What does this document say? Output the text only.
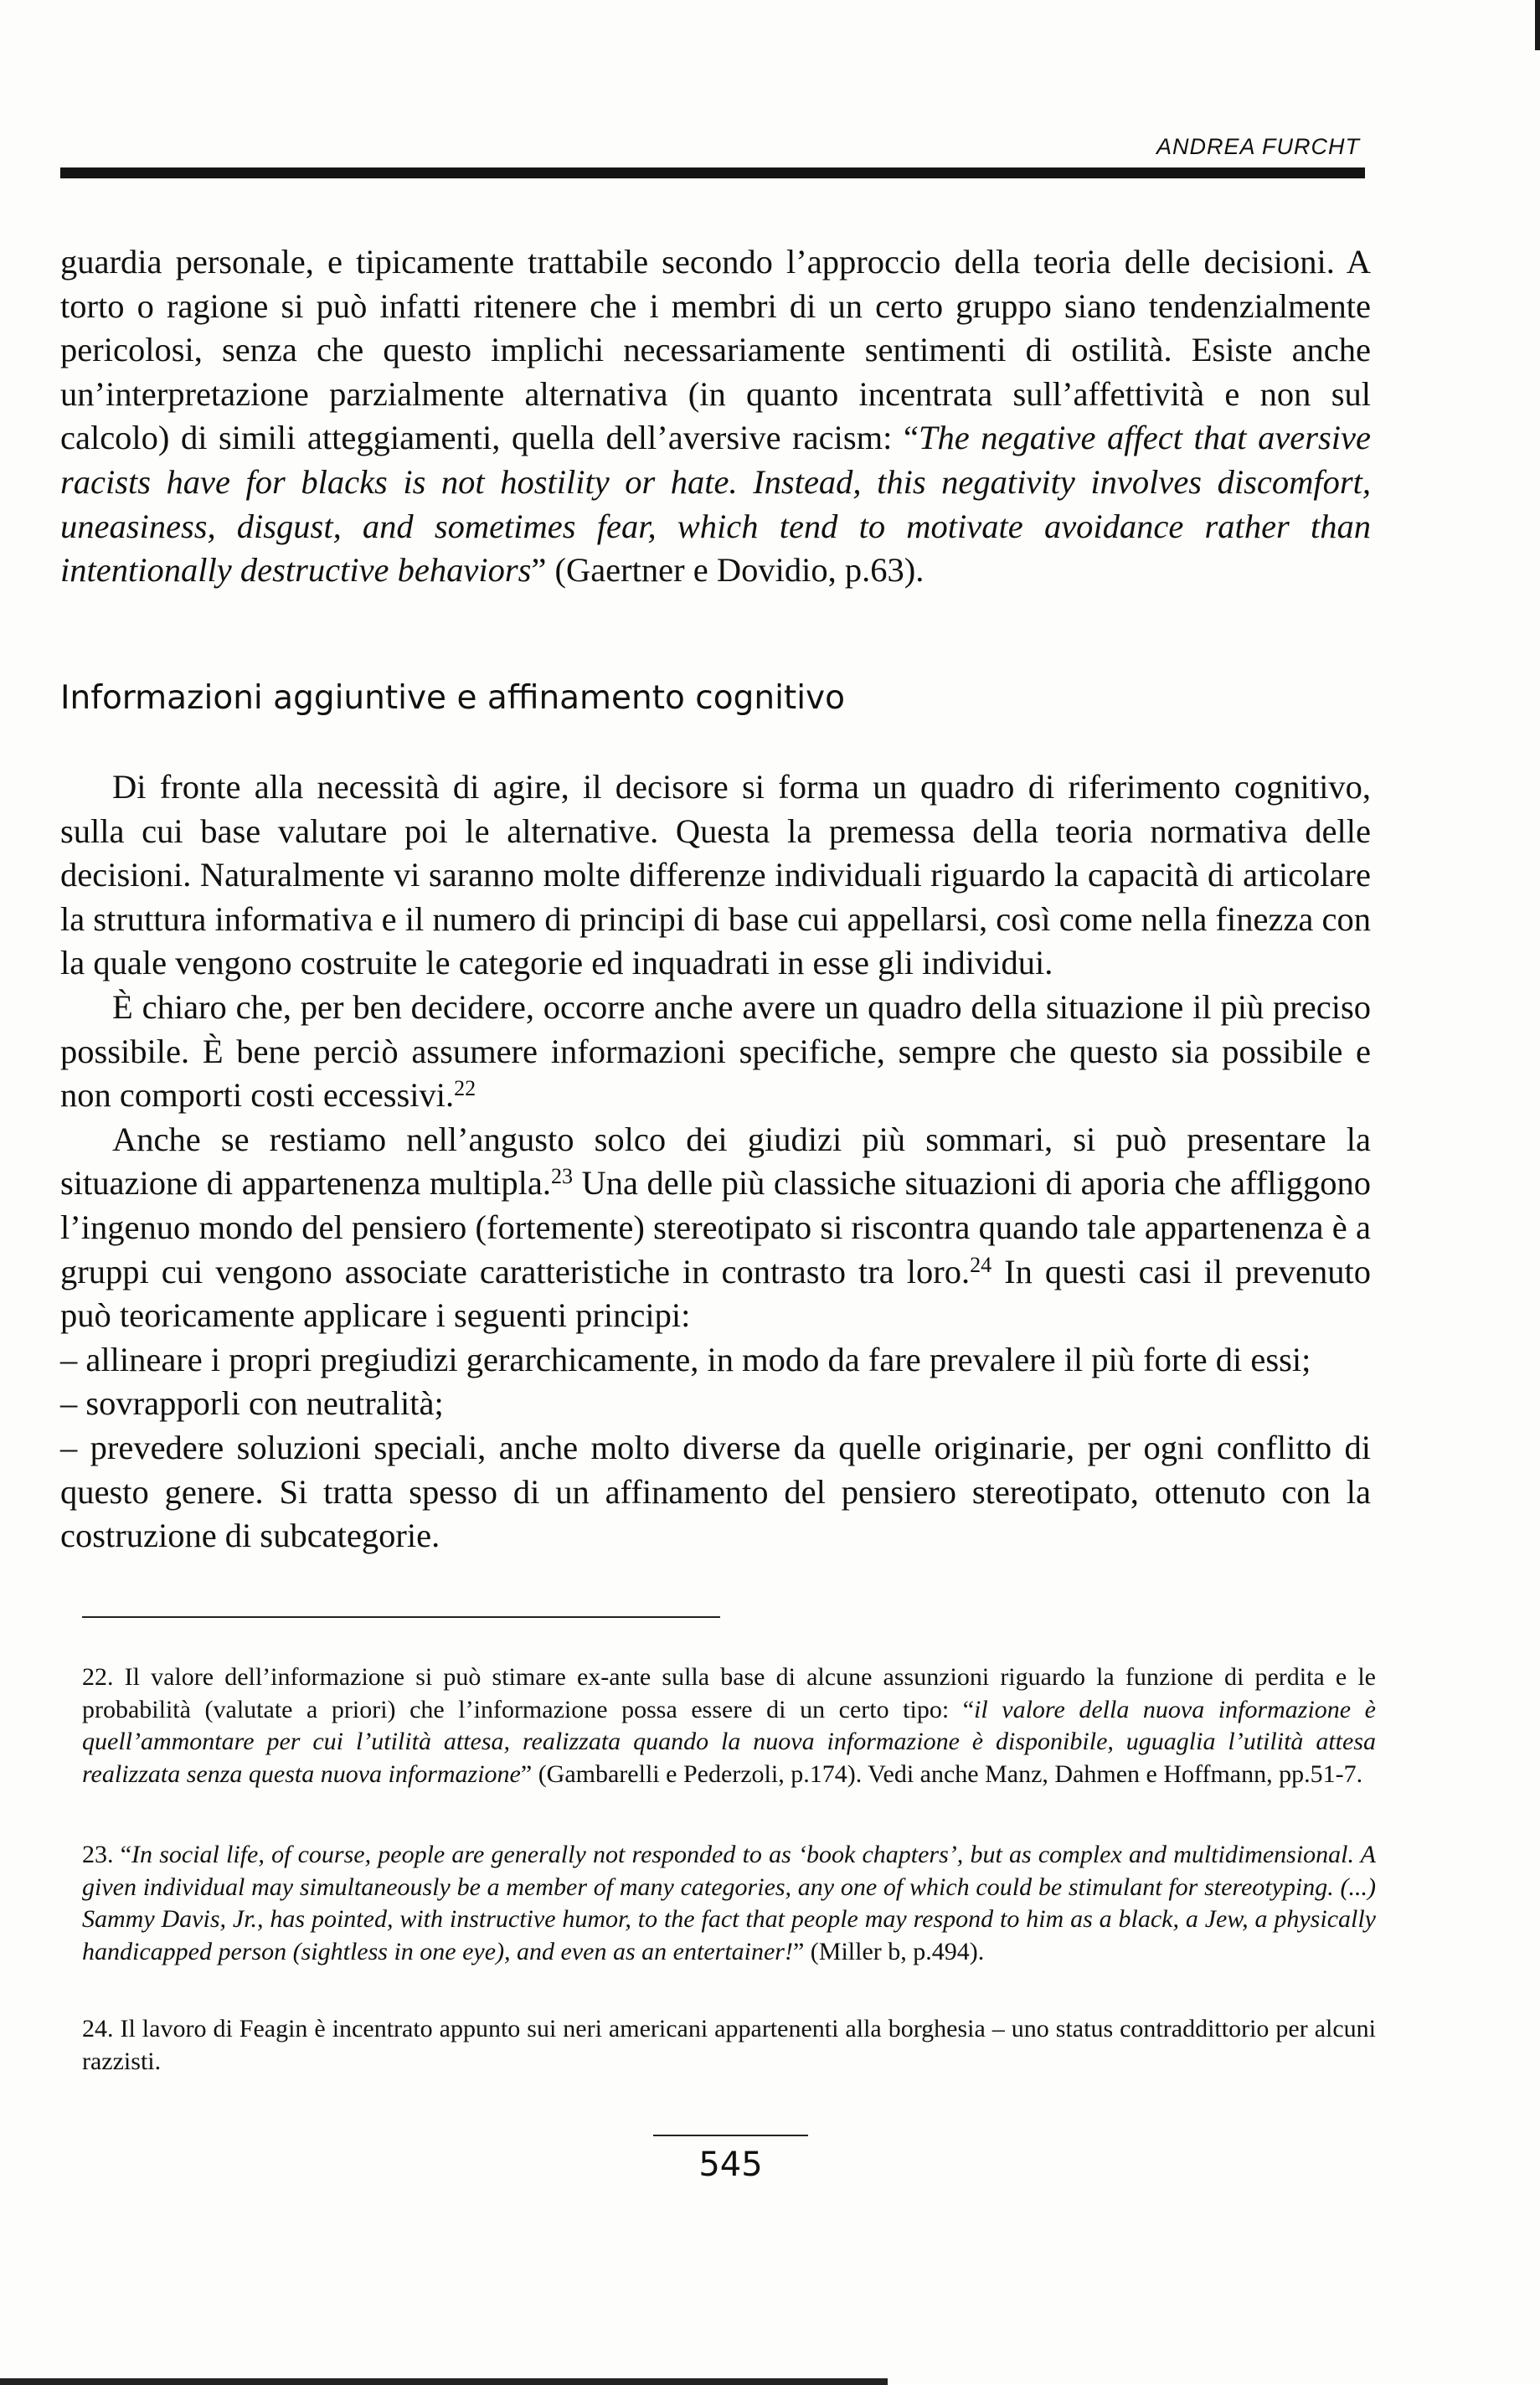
ANDREA FURCHT

guardia personale, e tipicamente trattabile secondo l’approccio della teoria delle decisioni. A torto o ragione si può infatti ritenere che i membri di un certo gruppo siano tendenzialmente pericolosi, senza che questo implichi necessariamente sentimenti di ostilità. Esiste anche un’interpretazione parzialmente alternativa (in quanto incentrata sull’affettività e non sul calcolo) di simili atteggiamenti, quella dell’aversive racism: “The negative affect that aversive racists have for blacks is not hostility or hate. Instead, this negativity involves discomfort, uneasiness, disgust, and sometimes fear, which tend to motivate avoidance rather than intentionally destructive behaviors” (Gaertner e Dovidio, p.63).

Informazioni aggiuntive e affinamento cognitivo

Di fronte alla necessità di agire, il decisore si forma un quadro di riferimento cognitivo, sulla cui base valutare poi le alternative. Questa la premessa della teoria normativa delle decisioni. Naturalmente vi saranno molte differenze individuali riguardo la capacità di articolare la struttura informativa e il numero di principi di base cui appellarsi, così come nella finezza con la quale vengono costruite le categorie ed inquadrati in esse gli individui.

È chiaro che, per ben decidere, occorre anche avere un quadro della situazione il più preciso possibile. È bene perciò assumere informazioni specifiche, sempre che questo sia possibile e non comporti costi eccessivi.$^{22}$

Anche se restiamo nell’angusto solco dei giudizi più sommari, si può presentare la situazione di appartenenza multipla.$^{23}$ Una delle più classiche situazioni di aporia che affliggono l’ingenuo mondo del pensiero (fortemente) stereotipato si riscontra quando tale appartenenza è a gruppi cui vengono associate caratteristiche in contrasto tra loro.$^{24}$ In questi casi il prevenuto può teoricamente applicare i seguenti principi:

– allineare i propri pregiudizi gerarchicamente, in modo da fare prevalere il più forte di essi;

– sovrapporli con neutralità;

– prevedere soluzioni speciali, anche molto diverse da quelle originarie, per ogni conflitto di questo genere. Si tratta spesso di un affinamento del pensiero stereotipato, ottenuto con la costruzione di subcategorie.

22. Il valore dell’informazione si può stimare ex-ante sulla base di alcune assunzioni riguardo la funzione di perdita e le probabilità (valutate a priori) che l’informazione possa essere di un certo tipo: “il valore della nuova informazione è quell’ammontare per cui l’utilità attesa, realizzata quando la nuova informazione è disponibile, uguaglia l’utilità attesa realizzata senza questa nuova informazione” (Gambarelli e Pederzoli, p.174). Vedi anche Manz, Dahmen e Hoffmann, pp.51-7.

23. “In social life, of course, people are generally not responded to as ‘book chapters’, but as complex and multidimensional. A given individual may simultaneously be a member of many categories, any one of which could be stimulant for stereotyping. (...) Sammy Davis, Jr., has pointed, with instructive humor, to the fact that people may respond to him as a black, a Jew, a physically handicapped person (sightless in one eye), and even as an entertainer!” (Miller b, p.494).

24. Il lavoro di Feagin è incentrato appunto sui neri americani appartenenti alla borghesia – uno status contraddittorio per alcuni razzisti.

545
